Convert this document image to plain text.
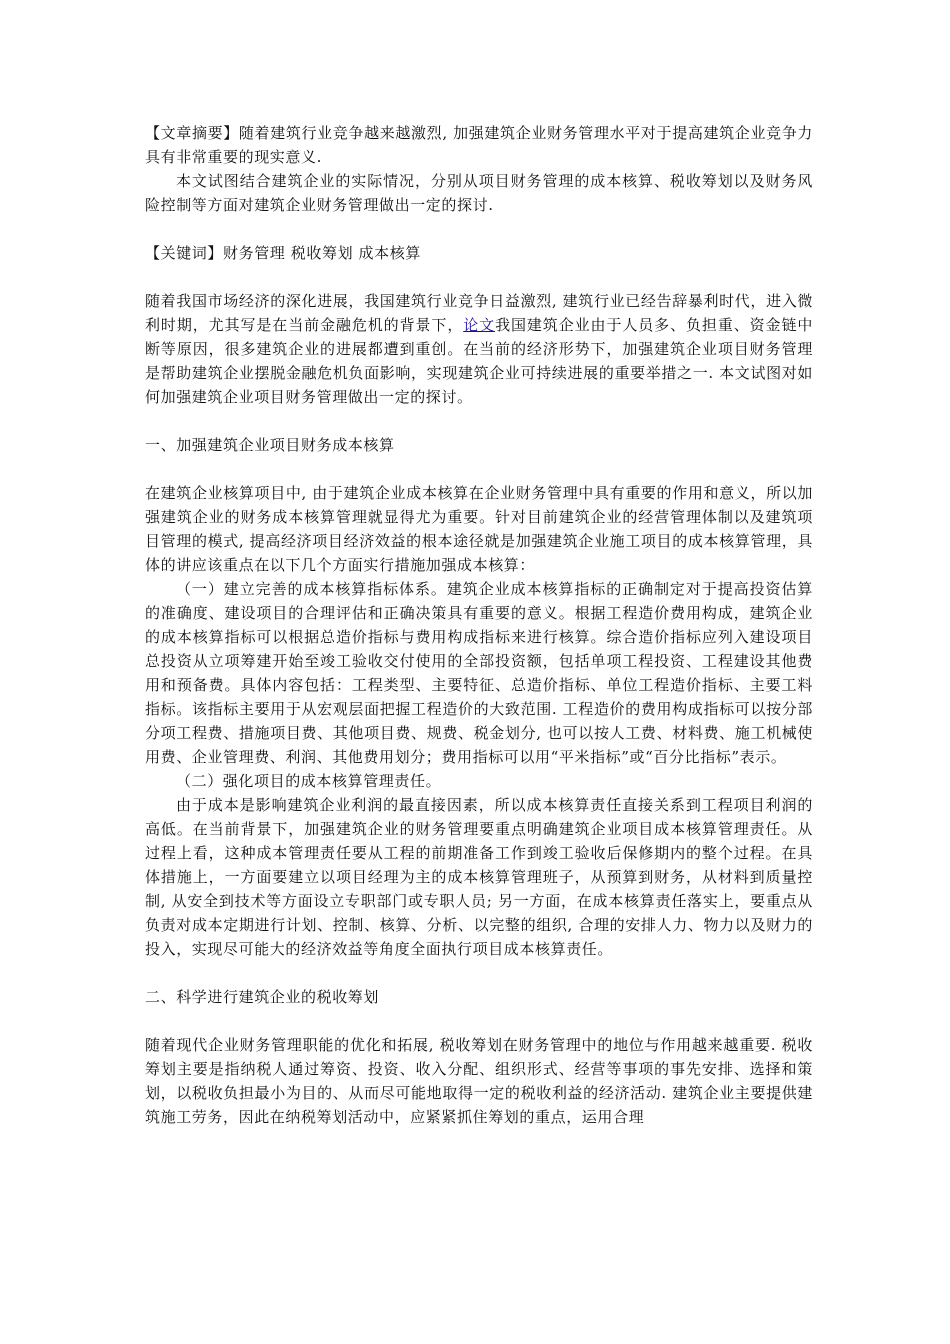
【文章摘要】随着建筑行业竞争越来越激烈, 加强建筑企业财务管理水平对于提高建筑企业竞争力具有非常重要的现实意义.

本文试图结合建筑企业的实际情况，分别从项目财务管理的成本核算、税收筹划以及财务风险控制等方面对建筑企业财务管理做出一定的探讨.

【关键词】财务管理 税收筹划 成本核算

随着我国市场经济的深化进展，我国建筑行业竞争日益激烈, 建筑行业已经告辞暴利时代，进入微利时期，尤其写是在当前金融危机的背景下，论文我国建筑企业由于人员多、负担重、资金链中断等原因，很多建筑企业的进展都遭到重创。在当前的经济形势下，加强建筑企业项目财务管理是帮助建筑企业摆脱金融危机负面影响，实现建筑企业可持续进展的重要举措之一. 本文试图对如何加强建筑企业项目财务管理做出一定的探讨。

一、加强建筑企业项目财务成本核算

在建筑企业核算项目中, 由于建筑企业成本核算在企业财务管理中具有重要的作用和意义，所以加强建筑企业的财务成本核算管理就显得尤为重要。针对目前建筑企业的经营管理体制以及建筑项目管理的模式, 提高经济项目经济效益的根本途径就是加强建筑企业施工项目的成本核算管理，具体的讲应该重点在以下几个方面实行措施加强成本核算：

（一）建立完善的成本核算指标体系。建筑企业成本核算指标的正确制定对于提高投资估算的准确度、建设项目的合理评估和正确决策具有重要的意义。根据工程造价费用构成，建筑企业的成本核算指标可以根据总造价指标与费用构成指标来进行核算。综合造价指标应列入建设项目总投资从立项筹建开始至竣工验收交付使用的全部投资额，包括单项工程投资、工程建设其他费用和预备费。具体内容包括：工程类型、主要特征、总造价指标、单位工程造价指标、主要工料指标。该指标主要用于从宏观层面把握工程造价的大致范围. 工程造价的费用构成指标可以按分部分项工程费、措施项目费、其他项目费、规费、税金划分, 也可以按人工费、材料费、施工机械使用费、企业管理费、利润、其他费用划分；费用指标可以用“平米指标”或“百分比指标”表示。

（二）强化项目的成本核算管理责任。

由于成本是影响建筑企业利润的最直接因素，所以成本核算责任直接关系到工程项目利润的高低。在当前背景下，加强建筑企业的财务管理要重点明确建筑企业项目成本核算管理责任。从过程上看，这种成本管理责任要从工程的前期准备工作到竣工验收后保修期内的整个过程。在具体措施上，一方面要建立以项目经理为主的成本核算管理班子，从预算到财务，从材料到质量控制, 从安全到技术等方面设立专职部门或专职人员; 另一方面，在成本核算责任落实上，要重点从负责对成本定期进行计划、控制、核算、分析、以完整的组织, 合理的安排人力、物力以及财力的投入，实现尽可能大的经济效益等角度全面执行项目成本核算责任。

二、科学进行建筑企业的税收筹划

随着现代企业财务管理职能的优化和拓展, 税收筹划在财务管理中的地位与作用越来越重要. 税收筹划主要是指纳税人通过筹资、投资、收入分配、组织形式、经营等事项的事先安排、选择和策划，以税收负担最小为目的、从而尽可能地取得一定的税收利益的经济活动. 建筑企业主要提供建筑施工劳务，因此在纳税筹划活动中，应紧紧抓住筹划的重点，运用合理
